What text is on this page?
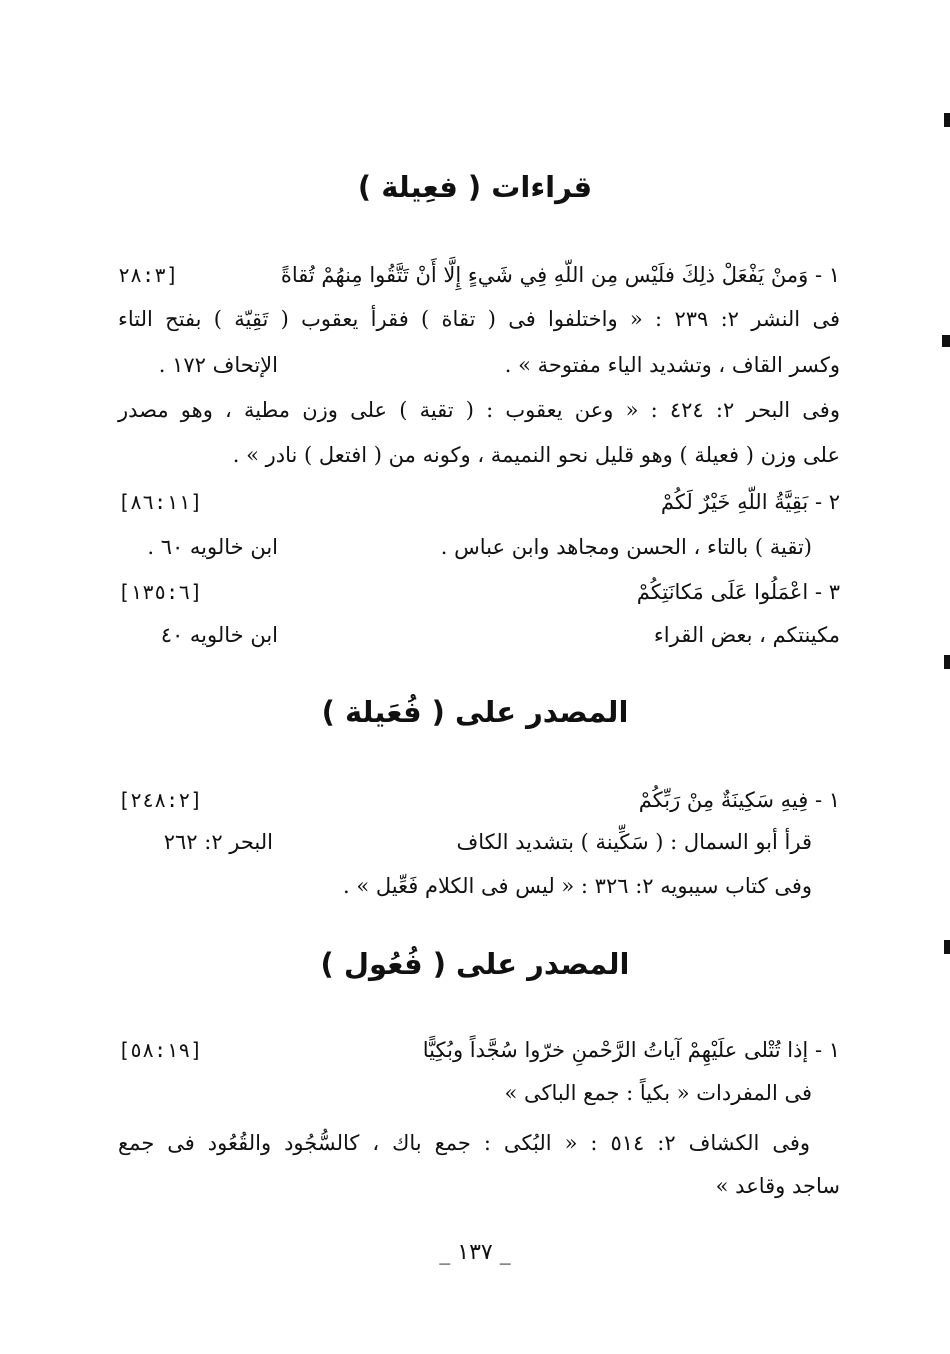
قراءات ( فعِيلة )
١ - وَمنْ يَفْعَلْ ذلِكَ فلَيْس مِن اللّهِ فِي شَيءٍ إِلَّا أَنْ تَتَّقُوا مِنهُمْ تُقاةً
[٢٨:٣
فى النشر ٢: ٢٣٩ : « واختلفوا فى ( تقاة ) فقرأ يعقوب ( تَقِيّة ) بفتح التاء
وكسر القاف ، وتشديد الياء مفتوحة » .
الإتحاف ١٧٢ .
وفى البحر ٢: ٤٢٤ : « وعن يعقوب : ( تقية ) على وزن مطية ، وهو مصدر
على وزن ( فعيلة ) وهو قليل نحو النميمة ، وكونه من ( افتعل ) نادر » .
٢ - بَقِيَّةُ اللّهِ خَيْرٌ لَكُمْ
[٨٦:١١]
(تقية ) بالتاء ، الحسن ومجاهد وابن عباس .
ابن خالويه ٦٠ .
٣ - اعْمَلُوا عَلَى مَكانَتِكُمْ
[١٣٥:٦]
مكينتكم ، بعض القراء
ابن خالويه ٤٠
المصدر على ( فُعَيلة )
١ - فِيهِ سَكِينَةٌ مِنْ رَبِّكُمْ
[٢٤٨:٢]
قرأ أبو السمال : ( سَكِّينة ) بتشديد الكاف
البحر ٢: ٢٦٢
وفى كتاب سيبويه ٢: ٣٢٦ : « ليس فى الكلام فَعِّيل » .
المصدر على ( فُعُول )
١ - إذا تُتْلى علَيْهِمْ آياتُ الرَّحْمنِ خرّوا سُجَّداً وبُكِيًّا
[٥٨:١٩]
فى المفردات « بكياً : جمع الباكى »
وفى الكشاف ٢: ٥١٤ : « البُكى : جمع باك ، كالسُّجُود والقُعُود فى جمع
ساجد وقاعد »
_ ١٣٧ _
